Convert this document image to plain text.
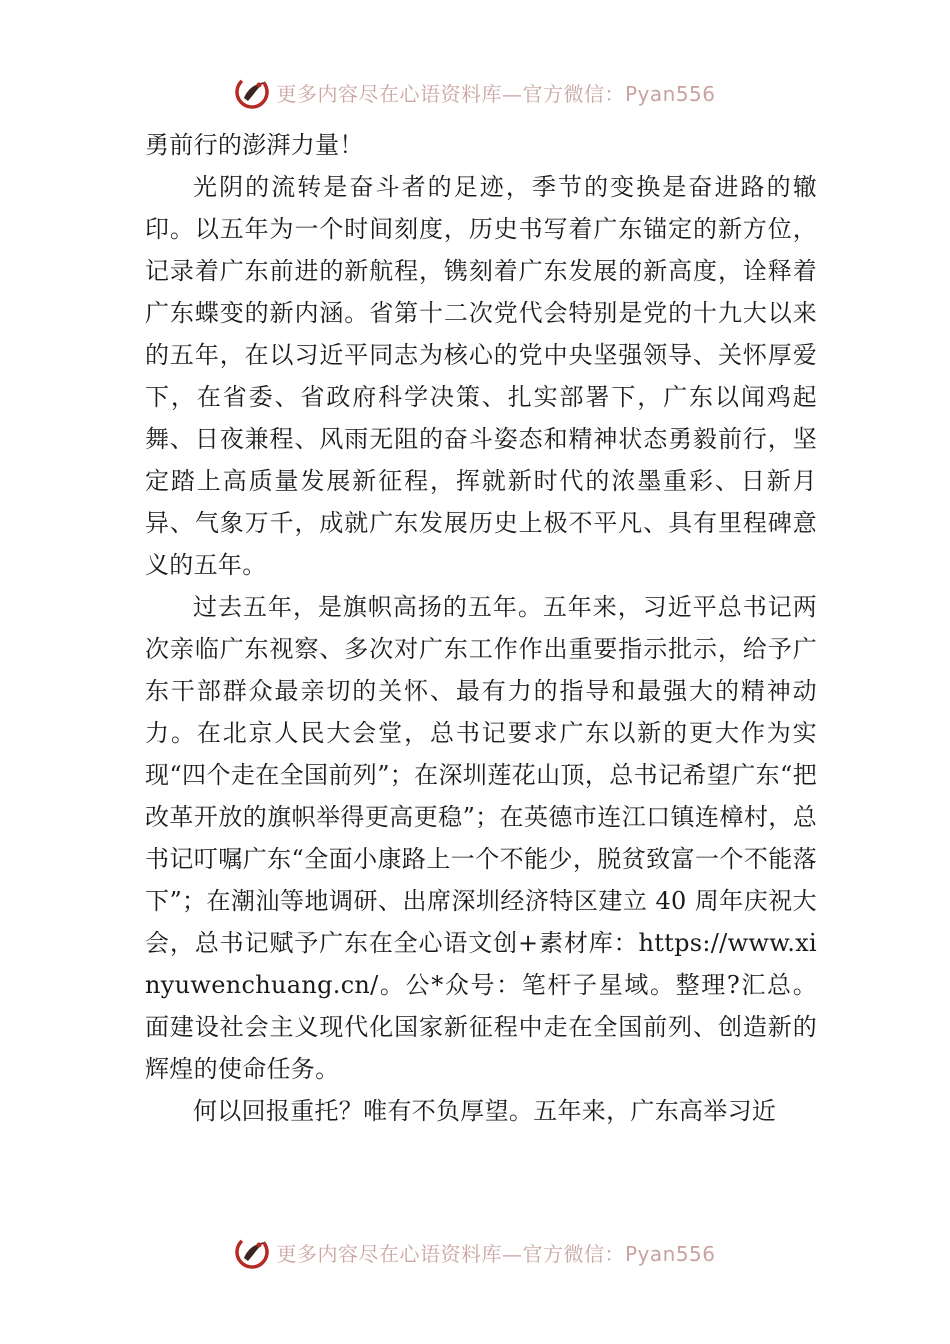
更多内容尽在心语资料库—官方微信：Pyan556

勇前行的澎湃力量！

光阴的流转是奋斗者的足迹，季节的变换是奋进路的辙印。以五年为一个时间刻度，历史书写着广东锚定的新方位，记录着广东前进的新航程，镌刻着广东发展的新高度，诠释着广东蝶变的新内涵。省第十二次党代会特别是党的十九大以来的五年，在以习近平同志为核心的党中央坚强领导、关怀厚爱下，在省委、省政府科学决策、扎实部署下，广东以闻鸡起舞、日夜兼程、风雨无阻的奋斗姿态和精神状态勇毅前行，坚定踏上高质量发展新征程，挥就新时代的浓墨重彩、日新月异、气象万千，成就广东发展历史上极不平凡、具有里程碑意义的五年。

过去五年，是旗帜高扬的五年。五年来，习近平总书记两次亲临广东视察、多次对广东工作作出重要指示批示，给予广东干部群众最亲切的关怀、最有力的指导和最强大的精神动力。在北京人民大会堂，总书记要求广东以新的更大作为实现“四个走在全国前列”；在深圳莲花山顶，总书记希望广东“把改革开放的旗帜举得更高更稳”；在英德市连江口镇连樟村，总书记叮嘱广东“全面小康路上一个不能少，脱贫致富一个不能落下”；在潮汕等地调研、出席深圳经济特区建立 40 周年庆祝大会，总书记赋予广东在全心语文创+素材库：https://www.xinyuwenchuang.cn/。公*众号：笔杆子星域。整理?汇总。面建设社会主义现代化国家新征程中走在全国前列、创造新的辉煌的使命任务。

何以回报重托？唯有不负厚望。五年来，广东高举习近

更多内容尽在心语资料库—官方微信：Pyan556
